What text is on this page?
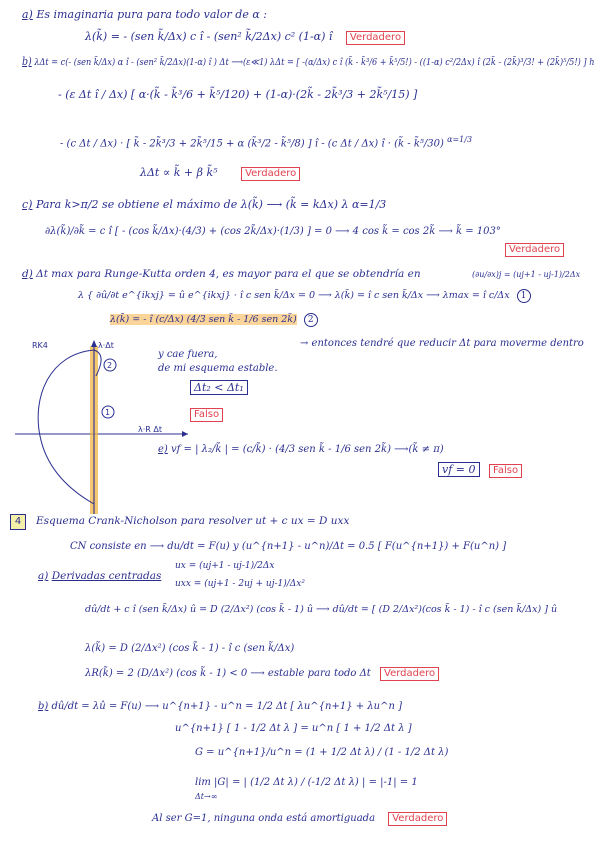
a) Es imaginaria pura para todo valor de α :
λ(k̃) = - (sen k̃/Δx) c î - (sen² k̃/2Δx) c² (1-α) î Verdadero
b) λΔt = c(- (sen k̃/Δx) α î - (sen² k̃/2Δx)(1-α) î ) Δt ⟶(ε≪1) λΔt = [ -(α/Δx) c î (k̃ - k̃³/6 + k̃⁵/5!) - ((1-α) c²/2Δx) î (2k̃ - (2k̃)³/3! + (2k̃)⁵/5!) ] h
- (ε Δt î / Δx) [ α·(k̃ - k̃³/6 + k̃⁵/120) + (1-α)·(2k̃ - 2k̃³/3 + 2k̃⁵/15) ]
- (c Δt / Δx) · [ k̃ - 2k̃³/3 + 2k̃⁵/15 + α (k̃³/2 - k̃⁵/8) ] î - (c Δt / Δx) î · (k̃ - k̃⁵/30) $^{\alpha=1/3}$
λΔt ∝ k̃ + β k̃⁵	Verdadero
c) Para k>π/2 se obtiene el máximo de λ(k̃) ⟶ (k̃ = kΔx) λ α=1/3
∂λ(k̃)/∂k̃ = c î [ - (cos k̃/Δx)·(4/3) + (cos 2k̃/Δx)·(1/3) ] = 0 ⟶ 4 cos k̃ = cos 2k̃ ⟶ k̃ = 103°
Verdadero
d) Δt max para Runge-Kutta orden 4, es mayor para el que se obtendría en	(∂u/∂x)j = (uj+1 - uj-1)/2Δx
λ { ∂û/∂t e^{ikxj} = û e^{ikxj} · î c sen k̃/Δx = 0 ⟶ λ(k̃) = î c sen k̃/Δx ⟶ λmax = î c/Δx 1
λ(k̃) = - î (c/Δx) (4/3 sen k̃ - 1/6 sen 2k̃) 2
→ entonces tendré que reducir Δt para moverme dentro
y cae fuera,
de mi esquema estable.
Δt₂ < Δt₁
Falso
1
2
RK4	λ·Δt
λ·R Δt
e) vf = | λ₂/k̃ | = (c/k̃) · (4/3 sen k̃ - 1/6 sen 2k̃) ⟶(k̃ ≠ π)
vf = 0 Falso
4	Esquema Crank-Nicholson para resolver ut + c ux = D uxx
CN consiste en ⟶ du/dt = F(u) y (u^{n+1} - u^n)/Δt = 0.5 [ F(u^{n+1}) + F(u^n) ]
a) Derivadas centradas
ux = (uj+1 - uj-1)/2Δx
uxx = (uj+1 - 2uj + uj-1)/Δx²
dû/dt + c î (sen k̃/Δx) û = D (2/Δx²) (cos k̃ - 1) û ⟶ dû/dt = [ (D 2/Δx²)(cos k̃ - 1) - î c (sen k̃/Δx) ] û
λ(k̃) = D (2/Δx²) (cos k̃ - 1) - î c (sen k̃/Δx)
λR(k̃) = 2 (D/Δx²) (cos k̃ - 1) < 0 ⟶ estable para todo Δt Verdadero
b) dû/dt = λû = F(u) ⟶ u^{n+1} - u^n = 1/2 Δt [ λu^{n+1} + λu^n ]
u^{n+1} [ 1 - 1/2 Δt λ ] = u^n [ 1 + 1/2 Δt λ ]
G = u^{n+1}/u^n = (1 + 1/2 Δt λ) / (1 - 1/2 Δt λ)
lim |G| = | (1/2 Δt λ) / (-1/2 Δt λ) | = |-1| = 1
Δt→∞
Al ser G=1, ninguna onda está amortiguada Verdadero
